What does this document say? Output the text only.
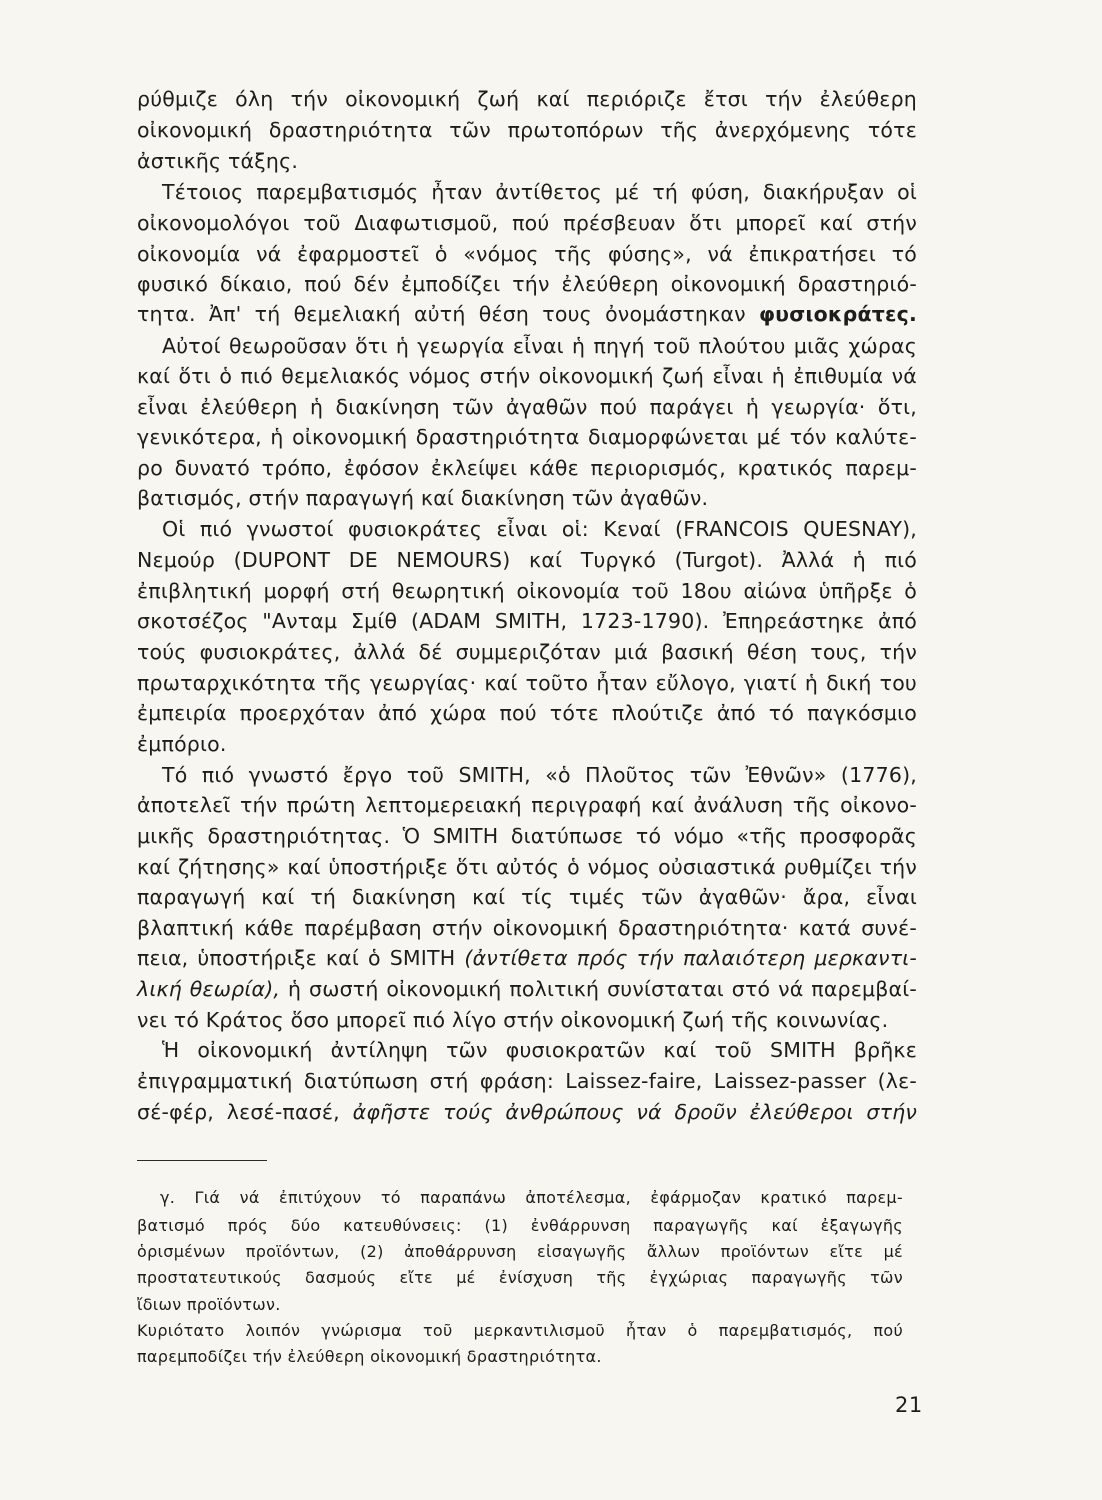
ρύθμιζε όλη τήν οἰκονομική ζωή καί περιόριζε ἔτσι τήν ἐλεύθερη
οἰκονομική δραστηριότητα τῶν πρωτοπόρων τῆς ἀνερχόμενης τότε
ἀστικῆς τάξης.
Τέτοιος παρεμβατισμός ἦταν ἀντίθετος μέ τή φύση, διακήρυξαν οἱ
οἰκονομολόγοι τοῦ Διαφωτισμοῦ, πού πρέσβευαν ὅτι μπορεῖ καί στήν
οἰκονομία νά ἐφαρμοστεῖ ὁ «νόμος τῆς φύσης», νά ἐπικρατήσει τό
φυσικό δίκαιο, πού δέν ἐμποδίζει τήν ἐλεύθερη οἰκονομική δραστηριό-
τητα. Ἀπ' τή θεμελιακή αὐτή θέση τους ὀνομάστηκαν φυσιοκράτες.
Αὐτοί θεωροῦσαν ὅτι ἡ γεωργία εἶναι ἡ πηγή τοῦ πλούτου μιᾶς χώρας
καί ὅτι ὁ πιό θεμελιακός νόμος στήν οἰκονομική ζωή εἶναι ἡ ἐπιθυμία νά
εἶναι ἐλεύθερη ἡ διακίνηση τῶν ἀγαθῶν πού παράγει ἡ γεωργία· ὅτι,
γενικότερα, ἡ οἰκονομική δραστηριότητα διαμορφώνεται μέ τόν καλύτε-
ρο δυνατό τρόπο, ἐφόσον ἐκλείψει κάθε περιορισμός, κρατικός παρεμ-
βατισμός, στήν παραγωγή καί διακίνηση τῶν ἀγαθῶν.
Οἱ πιό γνωστοί φυσιοκράτες εἶναι οἱ: Κεναί (FRANCOIS QUESNAY),
Νεμούρ (DUPONT DE NEMOURS) καί Τυργκό (Turgot). Ἀλλά ἡ πιό
ἐπιβλητική μορφή στή θεωρητική οἰκονομία τοῦ 18ου αἰώνα ὑπῆρξε ὁ
σκοτσέζος "Ανταμ Σμίθ (ADAM SMITH, 1723-1790). Ἐπηρεάστηκε ἀπό
τούς φυσιοκράτες, ἀλλά δέ συμμεριζόταν μιά βασική θέση τους, τήν
πρωταρχικότητα τῆς γεωργίας· καί τοῦτο ἦταν εὔλογο, γιατί ἡ δική του
ἐμπειρία προερχόταν ἀπό χώρα πού τότε πλούτιζε ἀπό τό παγκόσμιο
ἐμπόριο.
Τό πιό γνωστό ἔργο τοῦ SMITH, «ὁ Πλοῦτος τῶν Ἐθνῶν» (1776),
ἀποτελεῖ τήν πρώτη λεπτομερειακή περιγραφή καί ἀνάλυση τῆς οἰκονο-
μικῆς δραστηριότητας. Ὁ SMITH διατύπωσε τό νόμο «τῆς προσφορᾶς
καί ζήτησης» καί ὑποστήριξε ὅτι αὐτός ὁ νόμος οὐσιαστικά ρυθμίζει τήν
παραγωγή καί τή διακίνηση καί τίς τιμές τῶν ἀγαθῶν· ἄρα, εἶναι
βλαπτική κάθε παρέμβαση στήν οἰκονομική δραστηριότητα· κατά συνέ-
πεια, ὑποστήριξε καί ὁ SMITH (ἀντίθετα πρός τήν παλαιότερη μερκαντι-
λική θεωρία), ἡ σωστή οἰκονομική πολιτική συνίσταται στό νά παρεμβαί-
νει τό Κράτος ὅσο μπορεῖ πιό λίγο στήν οἰκονομική ζωή τῆς κοινωνίας.
Ἡ οἰκονομική ἀντίληψη τῶν φυσιοκρατῶν καί τοῦ SMITH βρῆκε
ἐπιγραμματική διατύπωση στή φράση: Laissez-faire, Laissez-passer (λε-
σέ-φέρ, λεσέ-πασέ, ἀφῆστε τούς ἀνθρώπους νά δροῦν ἐλεύθεροι στήν
γ. Γιά νά ἐπιτύχουν τό παραπάνω ἀποτέλεσμα, ἐφάρμοζαν κρατικό παρεμ-
βατισμό πρός δύο κατευθύνσεις: (1) ἐνθάρρυνση παραγωγῆς καί ἐξαγωγῆς
ὁρισμένων προϊόντων, (2) ἀποθάρρυνση εἰσαγωγῆς ἄλλων προϊόντων εἴτε μέ
προστατευτικούς δασμούς εἴτε μέ ἐνίσχυση τῆς ἐγχώριας παραγωγῆς τῶν
ἴδιων προϊόντων.
Κυριότατο λοιπόν γνώρισμα τοῦ μερκαντιλισμοῦ ἦταν ὁ παρεμβατισμός, πού
παρεμποδίζει τήν ἐλεύθερη οἰκονομική δραστηριότητα.
21
